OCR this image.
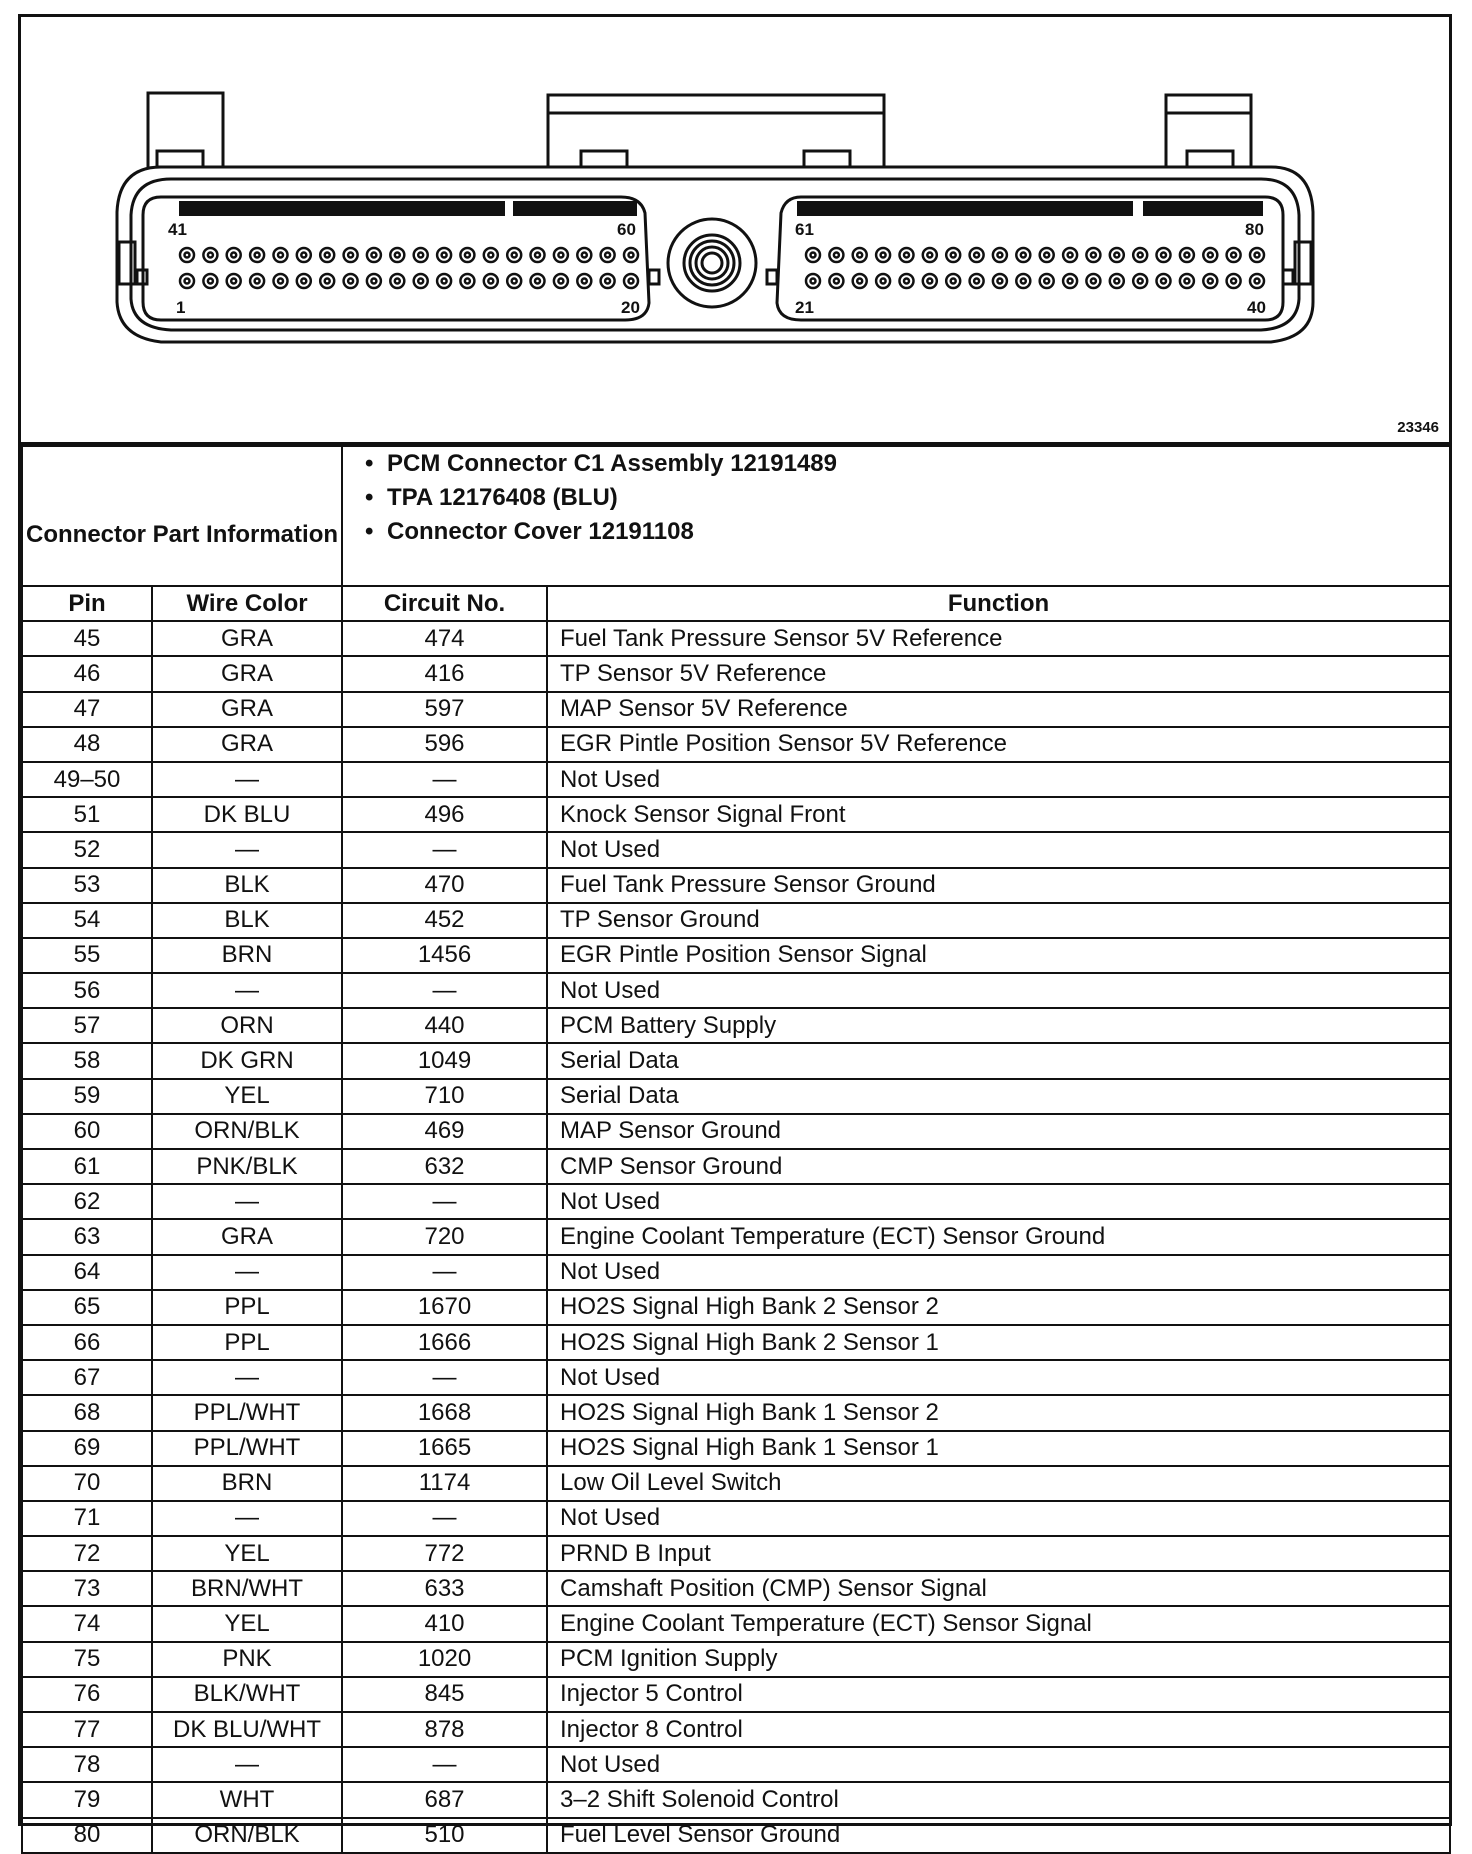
41	60
1	20
61	80
21	40
23346
Connector Part Information		• PCM Connector C1 Assembly 12191489
• TPA 12176408 (BLU)
• Connector Cover 12191108

Pin	Wire Color	Circuit No.	Function
45	GRA	474	Fuel Tank Pressure Sensor 5V Reference
46	GRA	416	TP Sensor 5V Reference
47	GRA	597	MAP Sensor 5V Reference
48	GRA	596	EGR Pintle Position Sensor 5V Reference
49–50	—	—	Not Used
51	DK BLU	496	Knock Sensor Signal Front
52	—	—	Not Used
53	BLK	470	Fuel Tank Pressure Sensor Ground
54	BLK	452	TP Sensor Ground
55	BRN	1456	EGR Pintle Position Sensor Signal
56	—	—	Not Used
57	ORN	440	PCM Battery Supply
58	DK GRN	1049	Serial Data
59	YEL	710	Serial Data
60	ORN/BLK	469	MAP Sensor Ground
61	PNK/BLK	632	CMP Sensor Ground
62	—	—	Not Used
63	GRA	720	Engine Coolant Temperature (ECT) Sensor Ground
64	—	—	Not Used
65	PPL	1670	HO2S Signal High Bank 2 Sensor 2
66	PPL	1666	HO2S Signal High Bank 2 Sensor 1
67	—	—	Not Used
68	PPL/WHT	1668	HO2S Signal High Bank 1 Sensor 2
69	PPL/WHT	1665	HO2S Signal High Bank 1 Sensor 1
70	BRN	1174	Low Oil Level Switch
71	—	—	Not Used
72	YEL	772	PRND B Input
73	BRN/WHT	633	Camshaft Position (CMP) Sensor Signal
74	YEL	410	Engine Coolant Temperature (ECT) Sensor Signal
75	PNK	1020	PCM Ignition Supply
76	BLK/WHT	845	Injector 5 Control
77	DK BLU/WHT	878	Injector 8 Control
78	—	—	Not Used
79	WHT	687	3–2 Shift Solenoid Control
80	ORN/BLK	510	Fuel Level Sensor Ground
